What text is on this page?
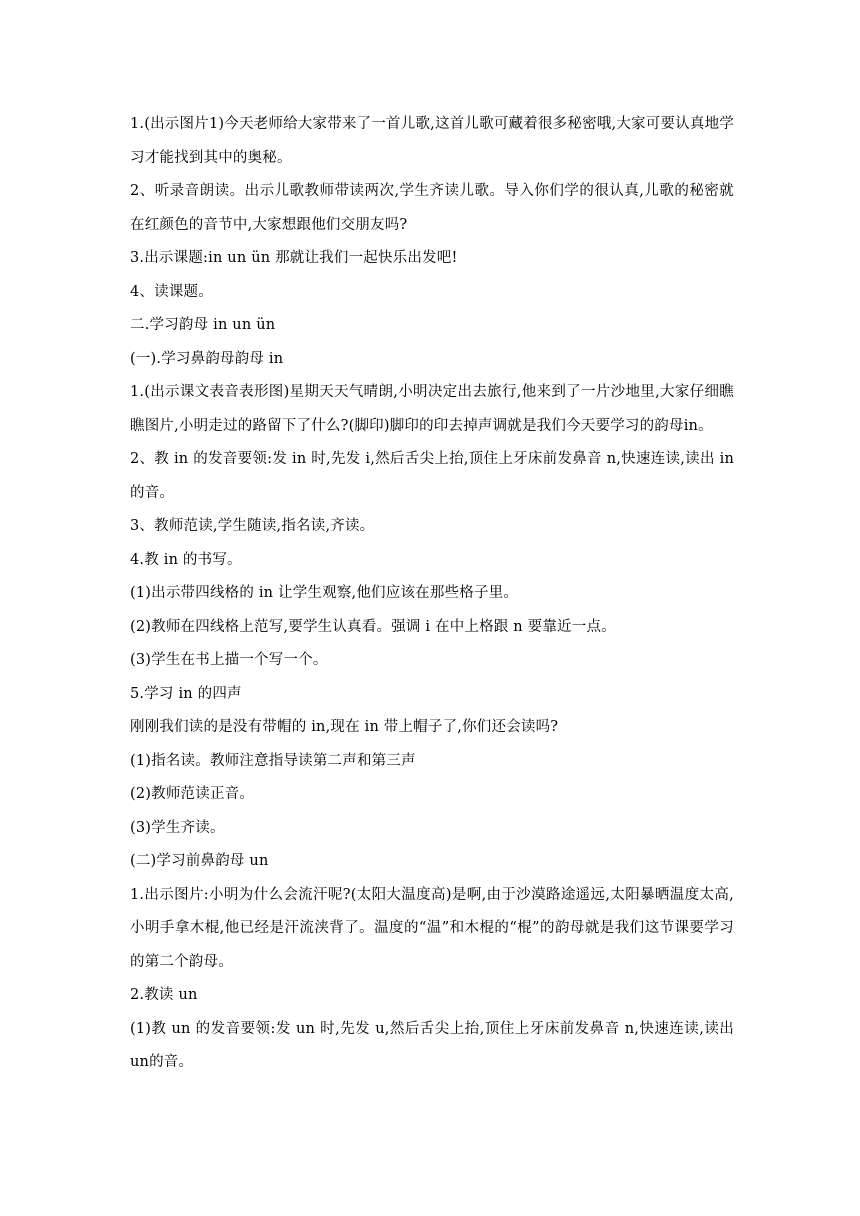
1.(出示图片1)今天老师给大家带来了一首儿歌,这首儿歌可藏着很多秘密哦,大家可要认真地学习才能找到其中的奥秘。

2、听录音朗读。出示儿歌教师带读两次,学生齐读儿歌。导入你们学的很认真,儿歌的秘密就在红颜色的音节中,大家想跟他们交朋友吗?

3.出示课题:in un ün 那就让我们一起快乐出发吧!

4、读课题。

二.学习韵母 in un ün

(一).学习鼻韵母韵母 in

1.(出示课文表音表形图)星期天天气晴朗,小明决定出去旅行,他来到了一片沙地里,大家仔细瞧瞧图片,小明走过的路留下了什么?(脚印)脚印的印去掉声调就是我们今天要学习的韵母in。

2、教 in 的发音要领:发 in 时,先发 i,然后舌尖上抬,顶住上牙床前发鼻音 n,快速连读,读出 in的音。

3、教师范读,学生随读,指名读,齐读。

4.教 in 的书写。

(1)出示带四线格的 in 让学生观察,他们应该在那些格子里。

(2)教师在四线格上范写,要学生认真看。强调 i 在中上格跟 n 要靠近一点。

(3)学生在书上描一个写一个。

5.学习 in 的四声

刚刚我们读的是没有带帽的 in,现在 in 带上帽子了,你们还会读吗?

(1)指名读。教师注意指导读第二声和第三声

(2)教师范读正音。

(3)学生齐读。

(二)学习前鼻韵母 un

1.出示图片:小明为什么会流汗呢?(太阳大温度高)是啊,由于沙漠路途遥远,太阳暴晒温度太高,小明手拿木棍,他已经是汗流浃背了。温度的“温”和木棍的“棍”的韵母就是我们这节课要学习的第二个韵母。

2.教读 un

(1)教 un 的发音要领:发 un 时,先发 u,然后舌尖上抬,顶住上牙床前发鼻音 n,快速连读,读出 un的音。
